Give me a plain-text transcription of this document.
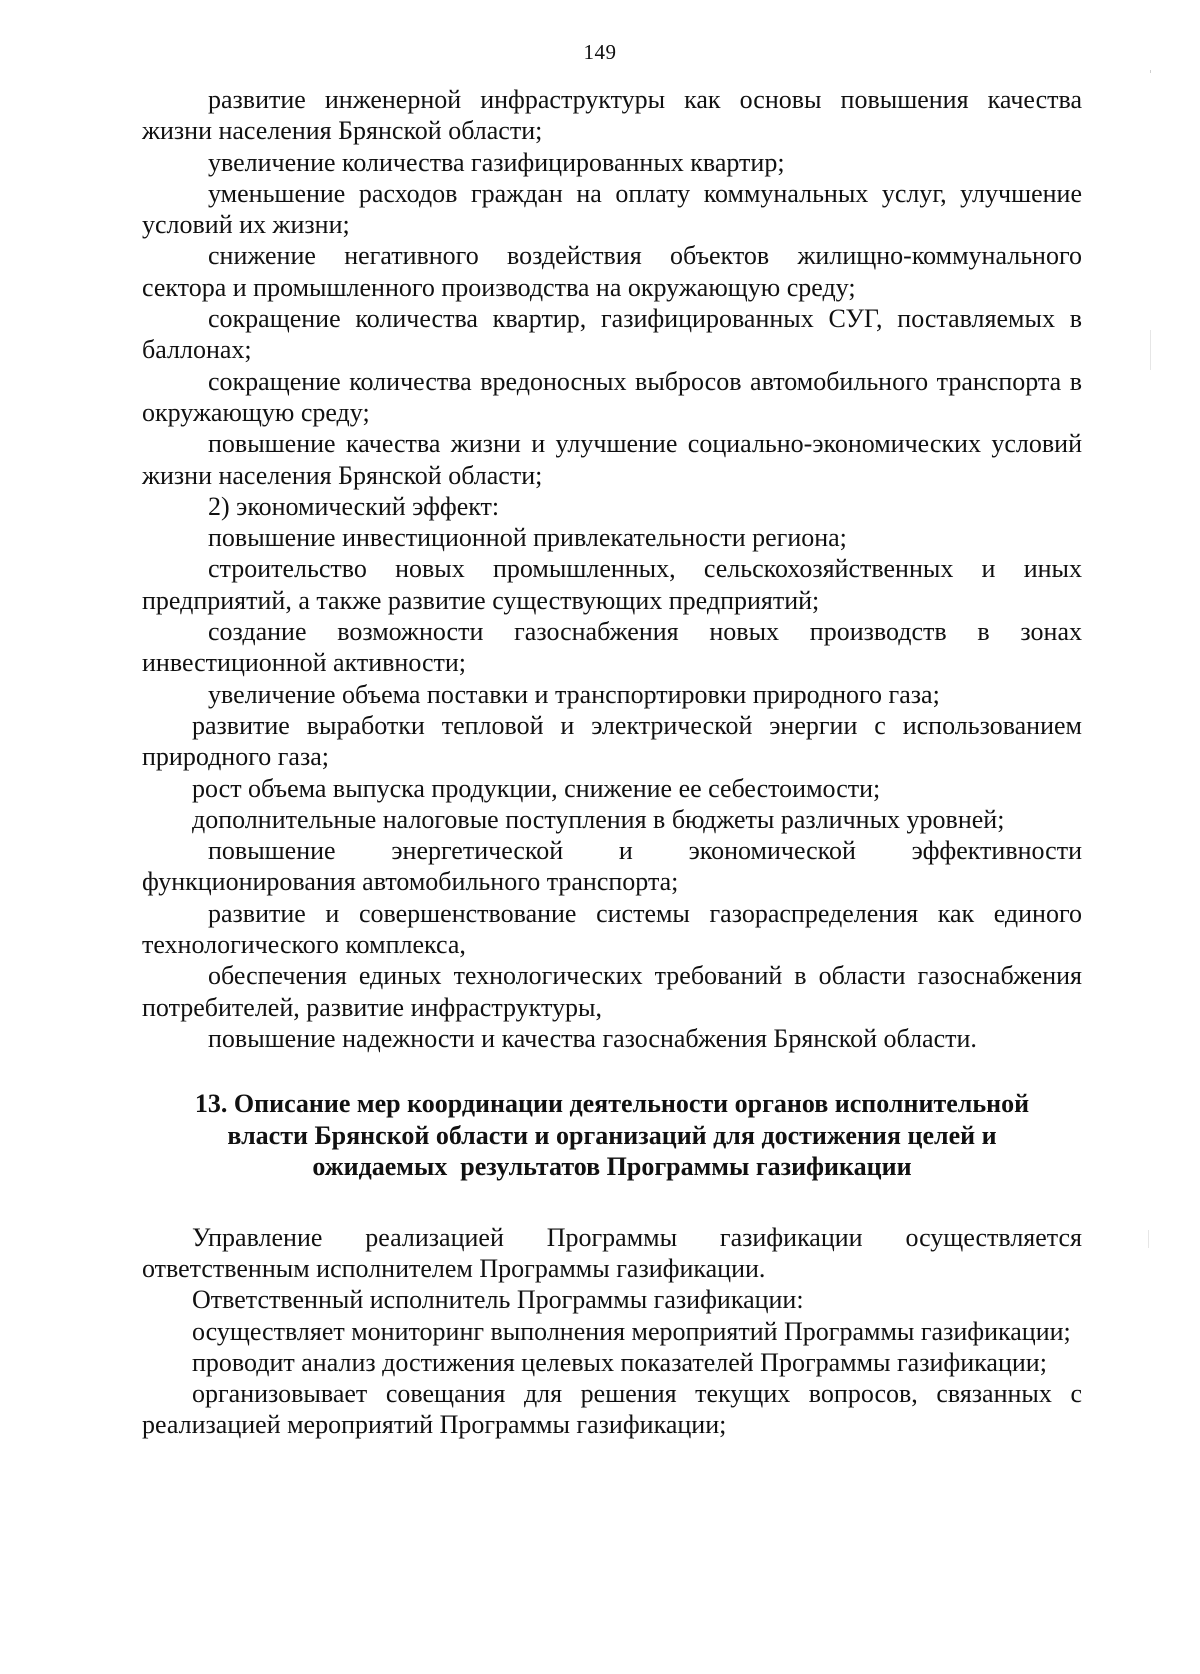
149

развитие инженерной инфраструктуры как основы повышения качества жизни населения Брянской области;

увеличение количества газифицированных квартир;

уменьшение расходов граждан на оплату коммунальных услуг, улучшение условий их жизни;

снижение негативного воздействия объектов жилищно-коммунального сектора и промышленного производства на окружающую среду;

сокращение количества квартир, газифицированных СУГ, поставляемых в баллонах;

сокращение количества вредоносных выбросов автомобильного транспорта в окружающую среду;

повышение качества жизни и улучшение социально-экономических условий жизни населения Брянской области;

2) экономический эффект:

повышение инвестиционной привлекательности региона;

строительство новых промышленных, сельскохозяйственных и иных предприятий, а также развитие существующих предприятий;

создание возможности газоснабжения новых производств в зонах инвестиционной активности;

увеличение объема поставки и транспортировки природного газа;

развитие выработки тепловой и электрической энергии с использованием природного газа;

рост объема выпуска продукции, снижение ее себестоимости;

дополнительные налоговые поступления в бюджеты различных уровней;

повышение энергетической и экономической эффективности функционирования автомобильного транспорта;

развитие и совершенствование системы газораспределения как единого технологического комплекса,

обеспечения единых технологических требований в области газоснабжения потребителей, развитие инфраструктуры,

повышение надежности и качества газоснабжения Брянской области.

13. Описание мер координации деятельности органов исполнительной
власти Брянской области и организаций для достижения целей и
ожидаемых  результатов Программы газификации

Управление реализацией Программы газификации осуществляется ответственным исполнителем Программы газификации.

Ответственный исполнитель Программы газификации:

осуществляет мониторинг выполнения мероприятий Программы газификации;

проводит анализ достижения целевых показателей Программы газификации;

организовывает совещания для решения текущих вопросов, связанных с реализацией мероприятий Программы газификации;
